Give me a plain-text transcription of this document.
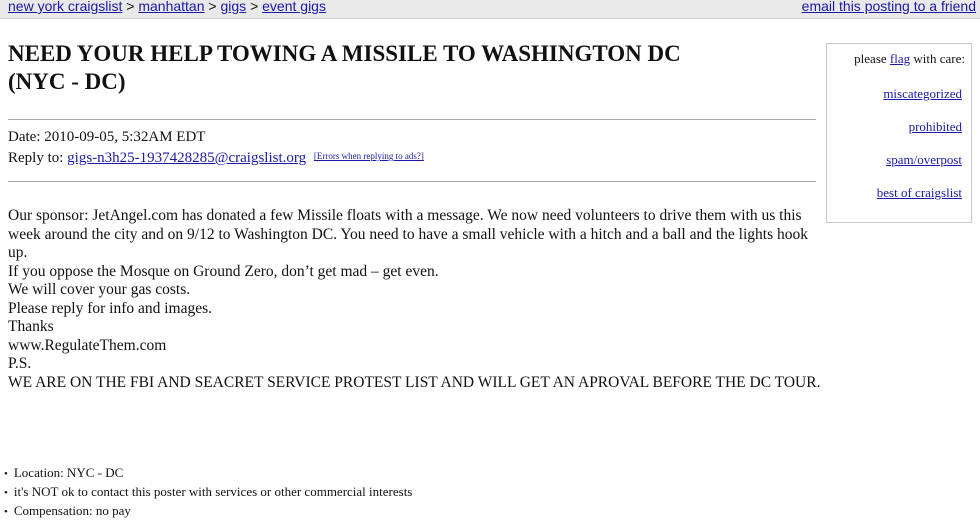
new york craigslist > manhattan > gigs > event gigs	email this posting to a friend
NEED YOUR HELP TOWING A MISSILE TO WASHINGTON DC
(NYC - DC)
Date: 2010-09-05, 5:32AM EDT
Reply to: gigs-n3h25-1937428285@craigslist.org [Errors when replying to ads?]
Our sponsor: JetAngel.com has donated a few Missile floats with a message. We now need volunteers to drive them with us this week around the city and on 9/12 to Washington DC. You need to have a small vehicle with a hitch and a ball and the lights hook up.
If you oppose the Mosque on Ground Zero, don’t get mad – get even.
We will cover your gas costs.
Please reply for info and images.
Thanks
www.RegulateThem.com
P.S.
WE ARE ON THE FBI AND SEACRET SERVICE PROTEST LIST AND WILL GET AN APROVAL BEFORE THE DC TOUR.
please flag with care:
miscategorized
prohibited
spam/overpost
best of craigslist
• Location: NYC - DC
• it's NOT ok to contact this poster with services or other commercial interests
• Compensation: no pay
